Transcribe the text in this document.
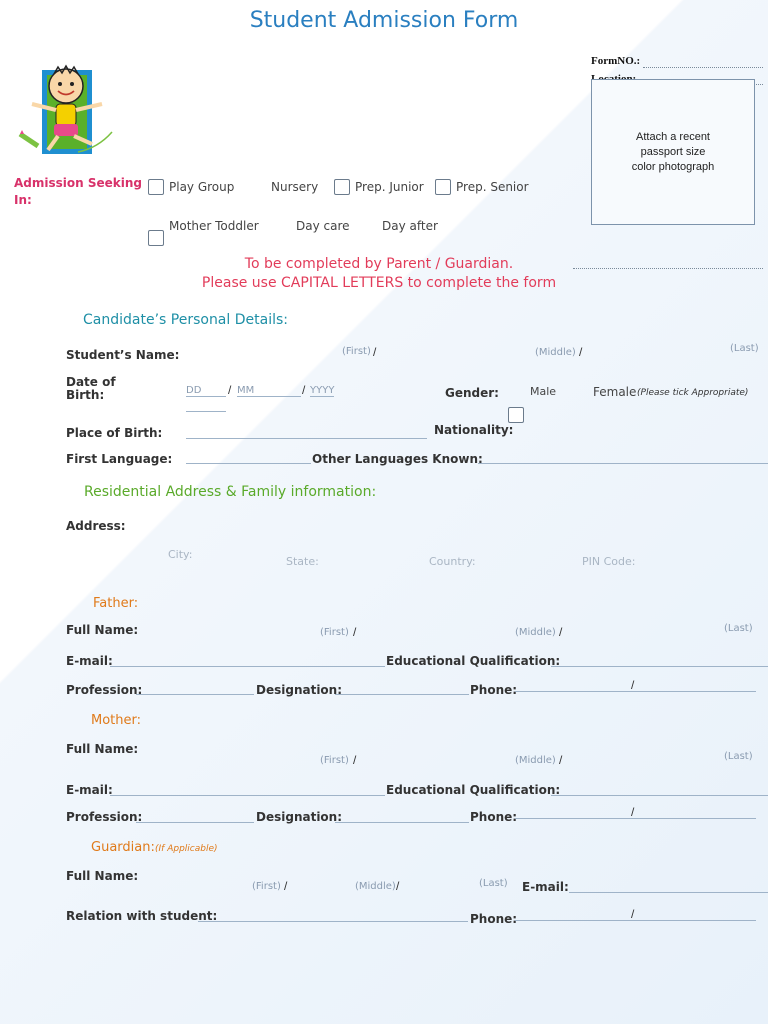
Student Admission Form
FormNO.:
Attach a recent
passport size
color photograph
Admission Seeking
In:
Play Group	Nursery	Prep. Junior	Prep. Senior
Mother Toddler	Day care	Day after
To be completed by Parent / Guardian.
Please use CAPITAL LETTERS to complete the form
Candidate’s Personal Details:
Student’s Name:	(First) /	(Middle) /	(Last)
Date of
Birth:	DD / MM	/ YYYY	Gender:	Male	Female (Please tick Appropriate)
Place of Birth:	Nationality:
First Language:	Other Languages Known:
Residential Address & Family information:
Address:
City:
State:	Country:	PIN Code:
Father:
Full Name:	(First) /	(Middle) /	(Last)
E-mail:	Educational Qualification:
Profession:	Designation:	Phone:	/
Mother:
Full Name:
(First) /	(Middle) /	(Last)
E-mail:	Educational Qualification:
Profession:	Designation:	Phone:	/
Guardian: (If Applicable)
Full Name:
(First) /	(Middle) /	(Last) E-mail:
Relation with student:	Phone:	/
